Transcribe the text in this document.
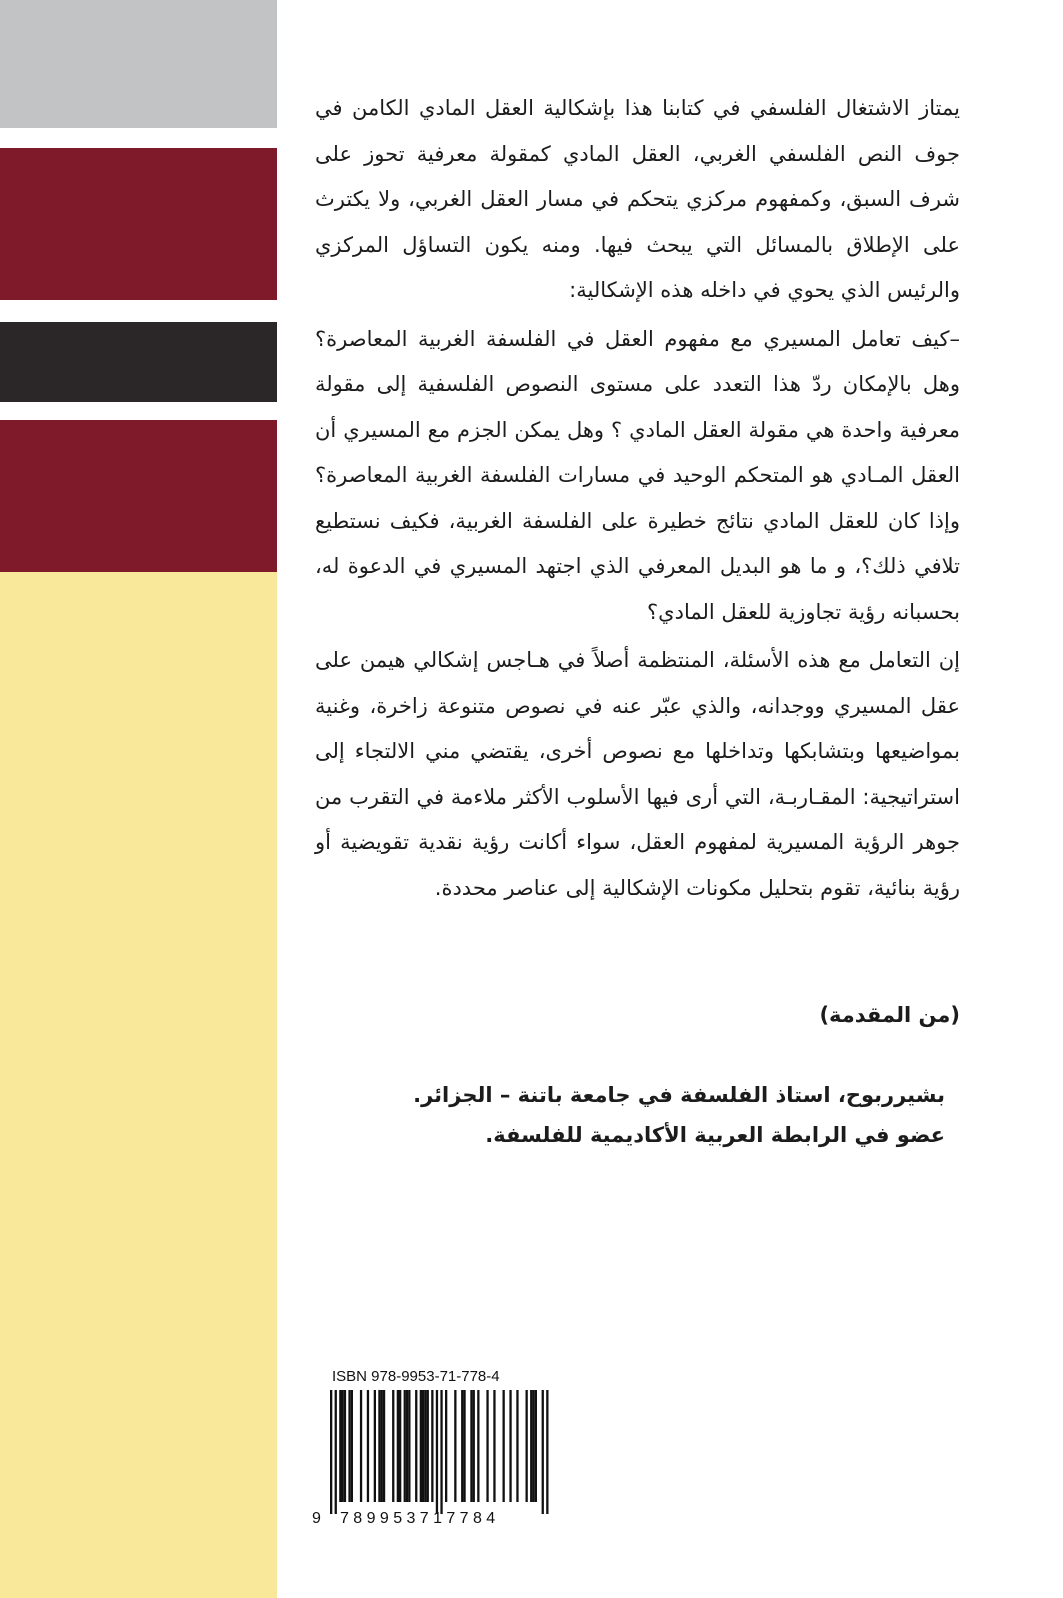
يمتاز الاشتغال الفلسفي في كتابنا هذا بإشكالية العقل المادي الكامن في جوف النص الفلسفي الغربي، العقل المادي كمقولة معرفية تحوز على شرف السبق، وكمفهوم مركزي يتحكم في مسار العقل الغربي، ولا يكترث على الإطلاق بالمسائل التي يبحث فيها. ومنه يكون التساؤل المركزي والرئيس الذي يحوي في داخله هذه الإشكالية:

–كيف تعامل المسيري مع مفهوم العقل في الفلسفة الغربية المعاصرة؟ وهل بالإمكان ردّ هذا التعدد على مستوى النصوص الفلسفية إلى مقولة معرفية واحدة هي مقولة العقل المادي ؟ وهل يمكن الجزم مع المسيري أن العقل المـادي هو المتحكم الوحيد في مسارات الفلسفة الغربية المعاصرة؟ وإذا كان للعقل المادي نتائج خطيرة على الفلسفة الغربية، فكيف نستطيع تلافي ذلك؟، و ما هو البديل المعرفي الذي اجتهد المسيري في الدعوة له، بحسبانه رؤية تجاوزية للعقل المادي؟

إن التعامل مع هذه الأسئلة، المنتظمة أصلاً في هـاجس إشكالي هيمن على عقل المسيري ووجدانه، والذي عبّر عنه في نصوص متنوعة زاخرة، وغنية بمواضيعها وبتشابكها وتداخلها مع نصوص أخرى، يقتضي مني الالتجاء إلى استراتيجية: المقـاربـة، التي أرى فيها الأسلوب الأكثر ملاءمة في التقرب من جوهر الرؤية المسيرية لمفهوم العقل، سواء أكانت رؤية نقدية تقويضية أو رؤية بنائية، تقوم بتحليل مكونات الإشكالية إلى عناصر محددة.

(من المقدمة)

بشيرربوح، استاذ الفلسفة في جامعة باتنة – الجزائر.

عضو في الرابطة العربية الأكاديمية للفلسفة.

ISBN 978-9953-71-778-4
9 789953717784
